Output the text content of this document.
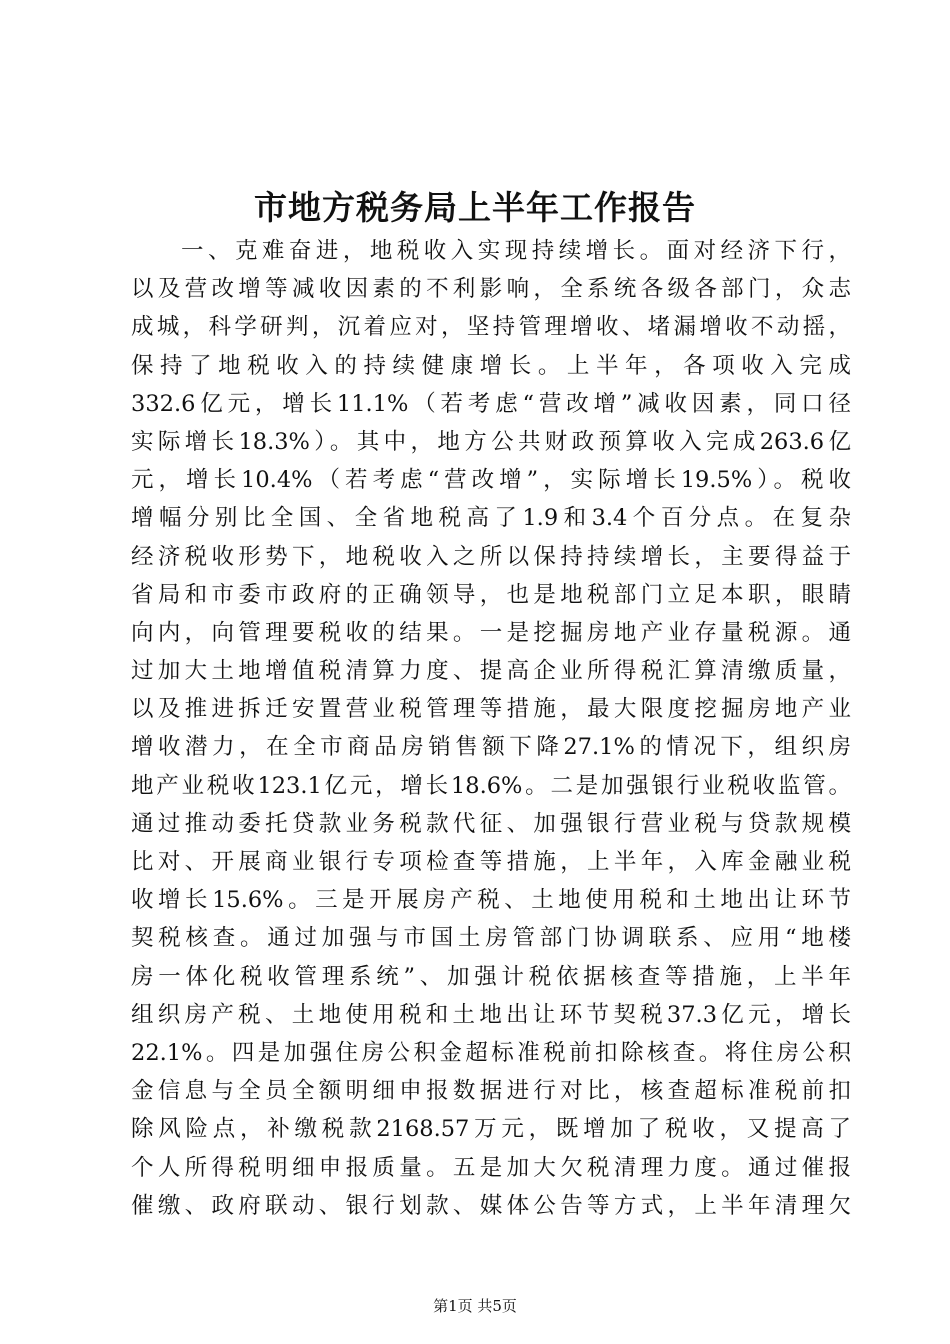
市地方税务局上半年工作报告
一、克难奋进，地税收入实现持续增长。面对经济下行，
以及营改增等减收因素的不利影响，全系统各级各部门，众志
成城，科学研判，沉着应对，坚持管理增收、堵漏增收不动摇，
保持了地税收入的持续健康增长。上半年，各项收入完成
332.6亿元，增长11.1%（若考虑“营改增”减收因素，同口径
实际增长18.3%）。其中，地方公共财政预算收入完成263.6亿
元，增长10.4%（若考虑“营改增”，实际增长19.5%）。税收
增幅分别比全国、全省地税高了1.9和3.4个百分点。在复杂
经济税收形势下，地税收入之所以保持持续增长，主要得益于
省局和市委市政府的正确领导，也是地税部门立足本职，眼睛
向内，向管理要税收的结果。一是挖掘房地产业存量税源。通
过加大土地增值税清算力度、提高企业所得税汇算清缴质量，
以及推进拆迁安置营业税管理等措施，最大限度挖掘房地产业
增收潜力，在全市商品房销售额下降27.1%的情况下，组织房
地产业税收123.1亿元，增长18.6%。二是加强银行业税收监管。
通过推动委托贷款业务税款代征、加强银行营业税与贷款规模
比对、开展商业银行专项检查等措施，上半年，入库金融业税
收增长15.6%。三是开展房产税、土地使用税和土地出让环节
契税核查。通过加强与市国土房管部门协调联系、应用“地楼
房一体化税收管理系统”、加强计税依据核查等措施，上半年
组织房产税、土地使用税和土地出让环节契税37.3亿元，增长
22.1%。四是加强住房公积金超标准税前扣除核查。将住房公积
金信息与全员全额明细申报数据进行对比，核查超标准税前扣
除风险点，补缴税款2168.57万元，既增加了税收，又提高了
个人所得税明细申报质量。五是加大欠税清理力度。通过催报
催缴、政府联动、银行划款、媒体公告等方式，上半年清理欠
第1页 共5页
